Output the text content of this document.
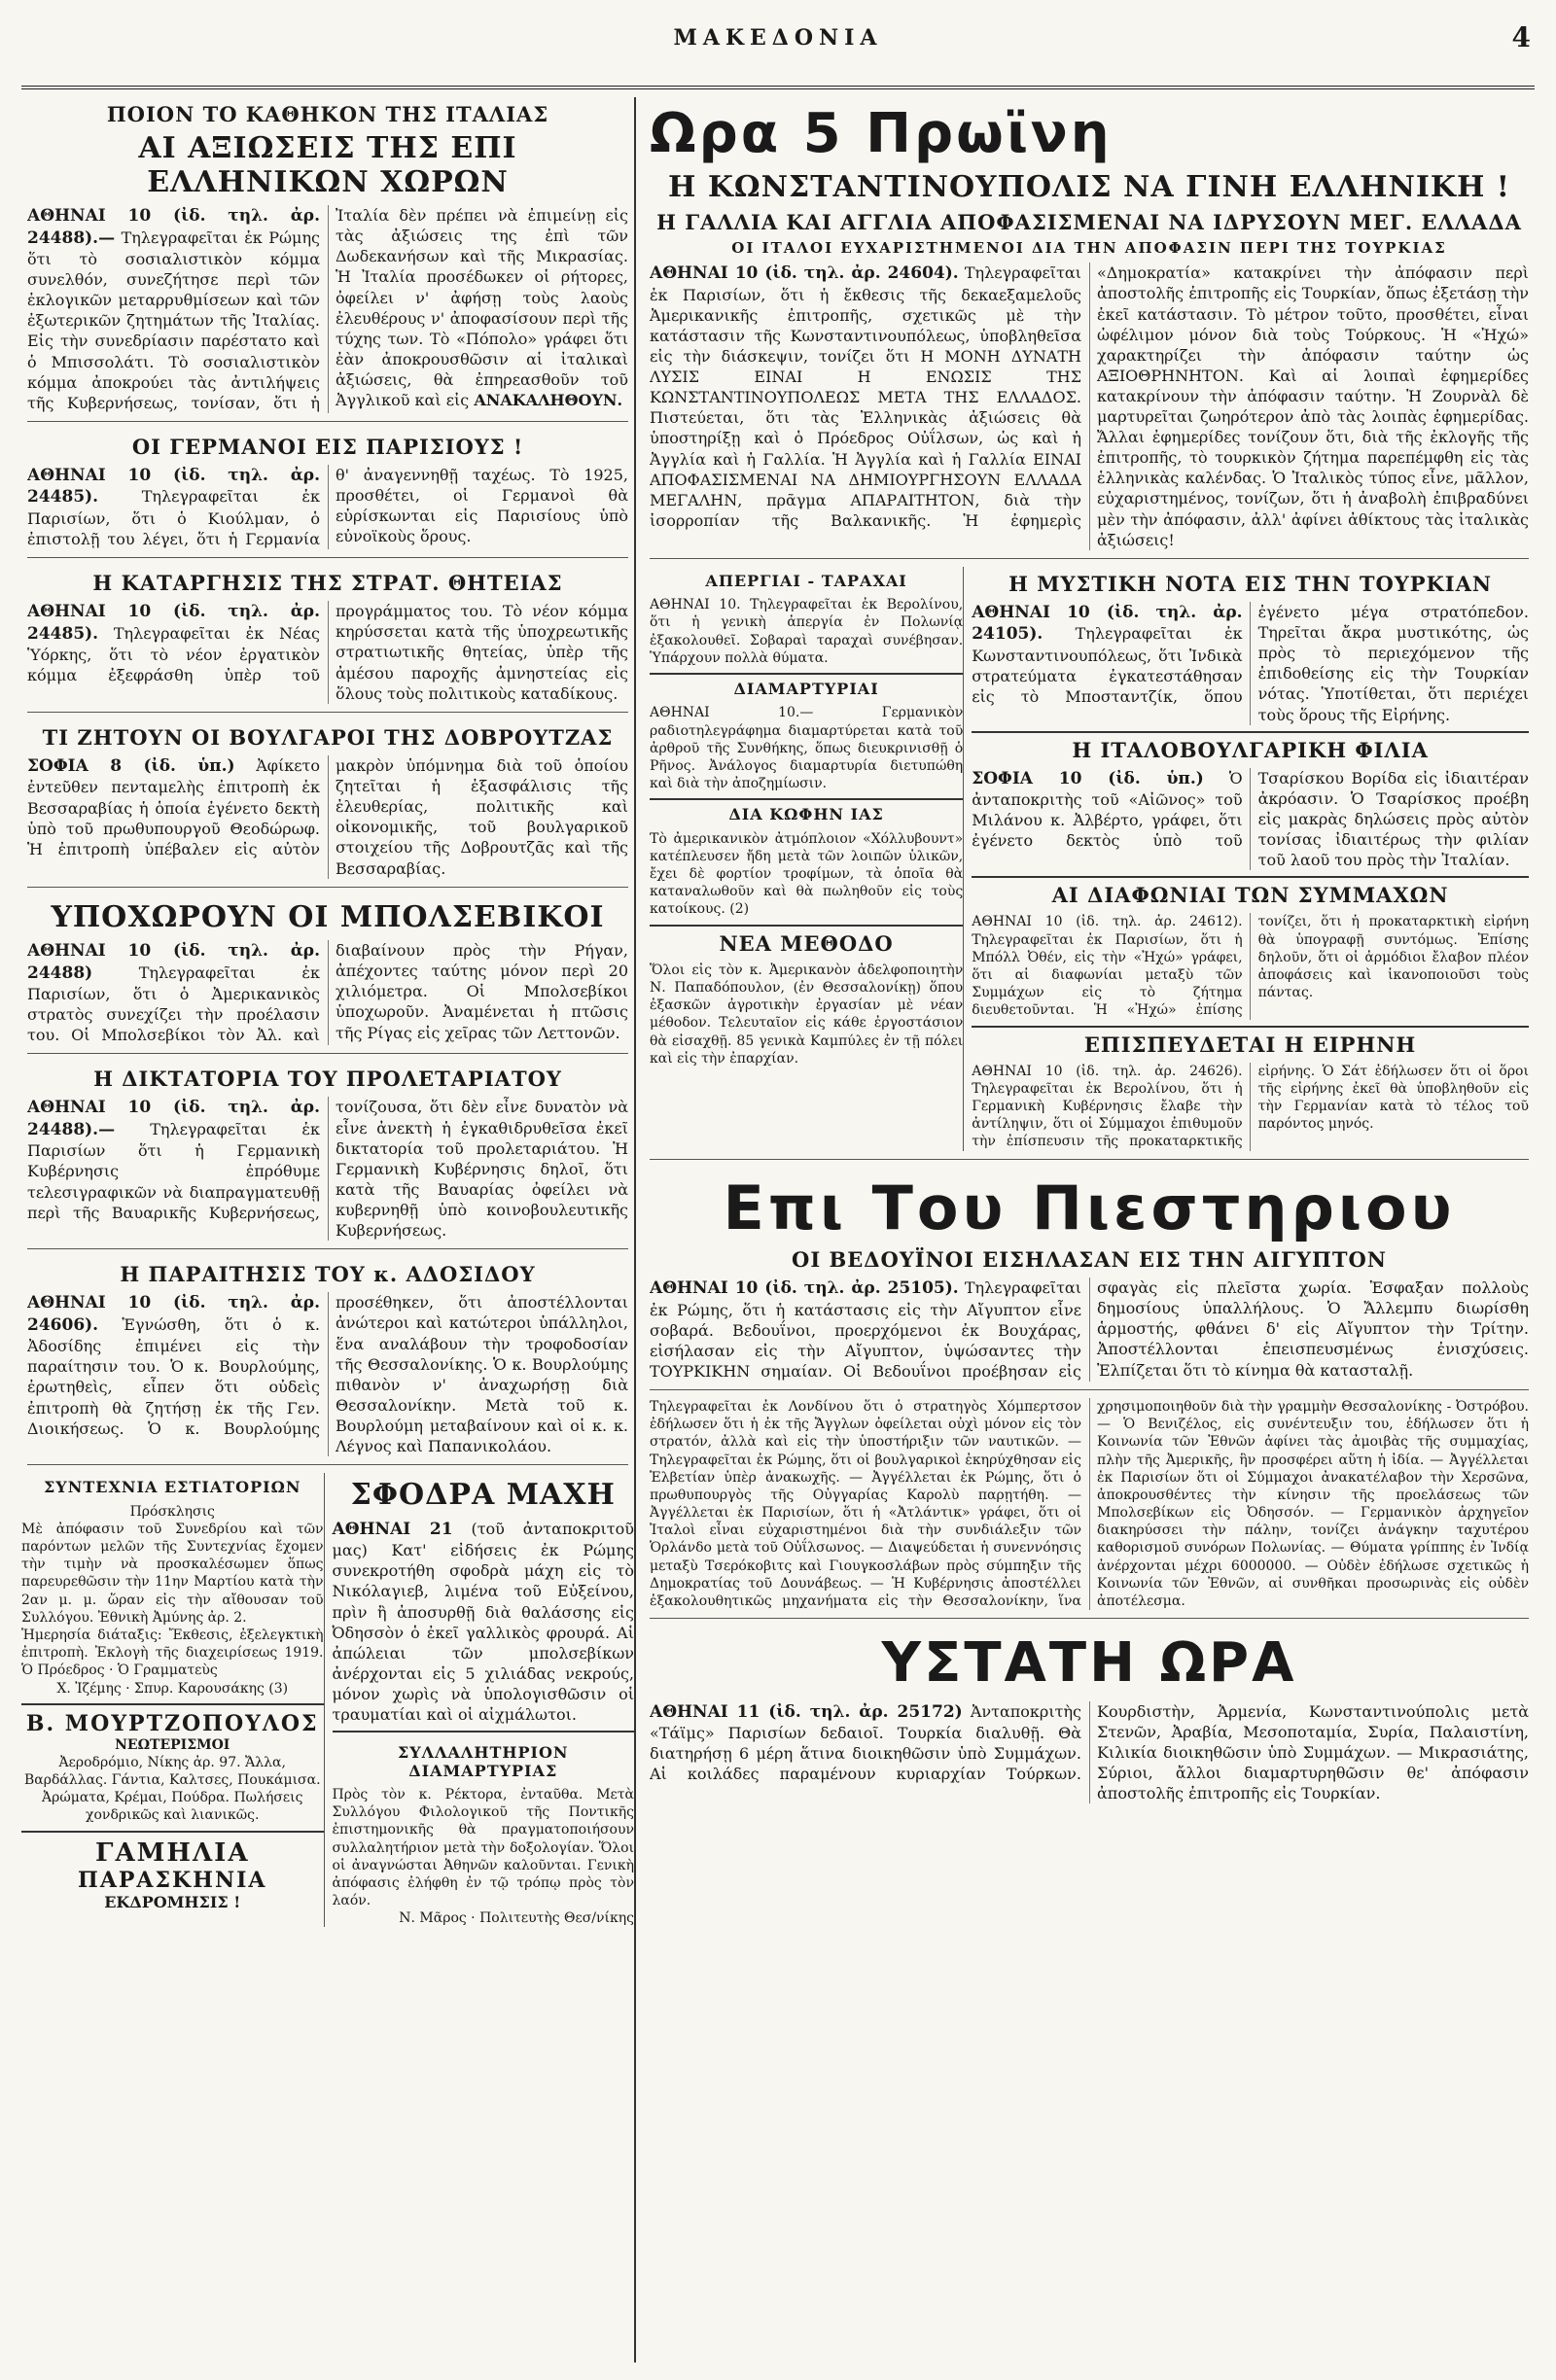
ΜΑΚΕΔΟΝΙΑ	4
ΠΟΙΟΝ ΤΟ ΚΑΘΗΚΟΝ ΤΗΣ ΙΤΑΛΙΑΣ
ΑΙ ΑΞΙΩΣΕΙΣ ΤΗΣ ΕΠΙ ΕΛΛΗΝΙΚΩΝ ΧΩΡΩΝ
ΑΘΗΝΑΙ 10 (ἰδ. τηλ. ἀρ. 24488).— Τηλεγραφεῖται ἐκ Ρώμης ὅτι τὸ σοσιαλιστικὸν κόμμα συνελθόν, συνεζήτησε περὶ τῶν ἐκλογικῶν μεταρρυθμίσεων καὶ τῶν ἐξωτερικῶν ζητημάτων τῆς Ἰταλίας. Εἰς τὴν συνεδρίασιν παρέστατο καὶ ὁ Μπισσολάτι. Τὸ σοσιαλιστικὸν κόμμα ἀποκρούει τὰς ἀντιλήψεις τῆς Κυβερνήσεως, τονίσαν, ὅτι ἡ Ἰταλία δὲν πρέπει νὰ ἐπιμείνῃ εἰς τὰς ἀξιώσεις της ἐπὶ τῶν Δωδεκανήσων καὶ τῆς Μικρασίας. Ἡ Ἰταλία προσέδωκεν οἱ ρήτορες, ὀφείλει ν' ἀφήσῃ τοὺς λαοὺς ἐλευθέρους ν' ἀποφασίσουν περὶ τῆς τύχης των. Τὸ «Πόπολο» γράφει ὅτι ἐὰν ἀποκρουσθῶσιν αἱ ἰταλικαὶ ἀξιώσεις, θὰ ἐπηρεασθοῦν τοῦ Ἀγγλικοῦ καὶ εἰς ΑΝΑΚΑΛΗΘΟΥΝ.
ΟΙ ΓΕΡΜΑΝΟΙ ΕΙΣ ΠΑΡΙΣΙΟΥΣ !
ΑΘΗΝΑΙ 10 (ἰδ. τηλ. ἀρ. 24485).	Τηλεγραφεῖται ἐκ Παρισίων, ὅτι ὁ Κιούλμαν, ὁ ἐπιστολῇ του λέγει, ὅτι ἡ Γερμανία θ' ἀναγεννηθῇ ταχέως. Τὸ 1925, προσθέτει, οἱ Γερμανοὶ θὰ εὑρίσκωνται εἰς Παρισίους ὑπὸ εὐνοϊκοὺς ὅρους.
Η ΚΑΤΑΡΓΗΣΙΣ ΤΗΣ ΣΤΡΑΤ. ΘΗΤΕΙΑΣ
ΑΘΗΝΑΙ 10 (ἰδ. τηλ. ἀρ. 24485). Τηλεγραφεῖται ἐκ Νέας Ὑόρκης, ὅτι τὸ νέον ἐργατικὸν κόμμα ἐξεφράσθη ὑπὲρ τοῦ προγράμματος του. Τὸ νέον κόμμα κηρύσσεται κατὰ τῆς ὑποχρεωτικῆς στρατιωτικῆς θητείας, ὑπὲρ τῆς ἀμέσου παροχῆς ἀμνηστείας εἰς ὅλους τοὺς πολιτικοὺς καταδίκους.
ΤΙ ΖΗΤΟΥΝ ΟΙ ΒΟΥΛΓΑΡΟΙ ΤΗΣ ΔΟΒΡΟΥΤΖΑΣ
ΣΟΦΙΑ 8 (ἰδ. ὑπ.) Ἀφίκετο ἐντεῦθεν πενταμελὴς ἐπιτροπὴ ἐκ Βεσσαραβίας ἡ ὁποία ἐγένετο δεκτὴ ὑπὸ τοῦ πρωθυπουργοῦ Θεοδώρωφ. Ἡ ἐπιτροπὴ ὑπέβαλεν εἰς αὐτὸν μακρὸν ὑπόμνημα διὰ τοῦ ὁποίου ζητεῖται ἡ ἐξασφάλισις τῆς ἐλευθερίας, πολιτικῆς καὶ οἰκονομικῆς, τοῦ βουλγαρικοῦ στοιχείου τῆς Δοβρουτζᾶς καὶ τῆς Βεσσαραβίας.
ΥΠΟΧΩΡΟΥΝ ΟΙ ΜΠΟΛΣΕΒΙΚΟΙ
ΑΘΗΝΑΙ 10 (ἰδ. τηλ. ἀρ. 24488)	Τηλεγραφεῖται ἐκ Παρισίων, ὅτι ὁ Ἀμερικανικὸς στρατὸς συνεχίζει τὴν προέλασιν του. Οἱ Μπολσεβίκοι τὸν Ἀλ. καὶ διαβαίνουν πρὸς τὴν Ρήγαν, ἀπέχοντες ταύτης μόνον περὶ 20 χιλιόμετρα. Οἱ Μπολσεβίκοι ὑποχωροῦν. Ἀναμένεται ἡ πτῶσις τῆς Ρίγας εἰς χεῖρας τῶν Λεττονῶν.
Η ΔΙΚΤΑΤΟΡΙΑ ΤΟΥ ΠΡΟΛΕΤΑΡΙΑΤΟΥ
ΑΘΗΝΑΙ 10 (ἰδ. τηλ. ἀρ. 24488).— Τηλεγραφεῖται ἐκ Παρισίων ὅτι ἡ Γερμανικὴ Κυβέρνησις ἐπρόθυμε τελεσιγραφικῶν νὰ διαπραγματευθῇ περὶ τῆς Βαυαρικῆς Κυβερνήσεως, τονίζουσα, ὅτι δὲν εἶνε δυνατὸν νὰ εἶνε ἀνεκτὴ ἡ ἐγκαθιδρυθεῖσα ἐκεῖ δικτατορία τοῦ προλεταριάτου. Ἡ Γερμανικὴ Κυβέρνησις δηλοῖ, ὅτι κατὰ τῆς Βαυαρίας ὀφείλει νὰ κυβερνηθῇ ὑπὸ κοινοβουλευτικῆς Κυβερνήσεως.
Η ΠΑΡΑΙΤΗΣΙΣ ΤΟΥ κ. ΑΔΟΣΙΔΟΥ
ΑΘΗΝΑΙ 10 (ἰδ. τηλ. ἀρ. 24606). Ἐγνώσθη, ὅτι ὁ κ. Ἀδοσίδης ἐπιμένει εἰς τὴν παραίτησιν του. Ὁ κ. Βουρλούμης, ἐρωτηθεὶς, εἶπεν ὅτι οὐδεὶς ἐπιτροπὴ θὰ ζητήσῃ ἐκ τῆς Γεν. Διοικήσεως. Ὁ κ. Βουρλούμης προσέθηκεν, ὅτι ἀποστέλλονται ἀνώτεροι καὶ κατώτεροι ὑπάλληλοι, ἕνα αναλάβουν τὴν τροφοδοσίαν τῆς Θεσσαλονίκης. Ὁ κ. Βουρλούμης πιθανὸν ν' ἀναχωρήσῃ διὰ Θεσσαλονίκην. Μετὰ τοῦ κ. Βουρλούμη μεταβαίνουν καὶ οἱ κ. κ. Λέγνος καὶ Παπανικολάου.
ΣΥΝΤΕΧΝΙΑ ΕΣΤΙΑΤΟΡΙΩΝ
Πρόσκλησις
Μὲ ἀπόφασιν τοῦ Συνεδρίου καὶ τῶν παρόντων μελῶν τῆς Συντεχνίας ἔχομεν τὴν τιμὴν νὰ προσκαλέσωμεν ὅπως παρευρεθῶσιν τὴν 11ην Μαρτίου κατὰ τὴν 2αν μ. μ. ὥραν εἰς τὴν αἴθουσαν τοῦ Συλλόγου. Ἐθνικὴ Ἀμύνης ἀρ. 2.
Ἡμερησία διάταξις: Ἔκθεσις, ἐξελεγκτικὴ ἐπιτροπὴ. Ἐκλογὴ τῆς διαχειρίσεως 1919. Ὁ Πρόεδρος · Ὁ Γραμματεὺς
Χ. Ἰζέμης · Σπυρ. Καρουσάκης (3)
Β. ΜΟΥΡΤΖΟΠΟΥΛΟΣ
ΝΕΩΤΕΡΙΣΜΟΙ
Ἀεροδρόμιο, Νίκης ἀρ. 97. Ἄλλα, Βαρδάλλας. Γάντια, Καλτσες, Πουκάμισα. Ἀρώματα, Κρέμαι, Πούδρα. Πωλήσεις χονδρικῶς καὶ λιανικῶς.
ΓΑΜΗΛΙΑ
ΠΑΡΑΣΚΗΝΙΑ
ΕΚΔΡΟΜΗΣΙΣ !
ΣΦΟΔΡΑ ΜΑΧΗ
ΑΘΗΝΑΙ 21 (τοῦ ἀνταποκριτοῦ μας) Κατ' εἰδήσεις ἐκ Ρώμης συνεκροτήθη σφοδρὰ μάχη εἰς τὸ Νικόλαγιεβ, λιμένα τοῦ Εὐξείνου, πρὶν ἢ ἀποσυρθῇ διὰ θαλάσσης εἰς Ὀδησσὸν ὁ ἐκεῖ γαλλικὸς φρουρά. Αἱ ἀπώλειαι τῶν μπολσεβίκων ἀνέρχονται εἰς 5 χιλιάδας νεκρούς, μόνον χωρὶς νὰ ὑπολογισθῶσιν οἱ τραυματίαι καὶ οἱ αἰχμάλωτοι.
ΣΥΛΛΑΛΗΤΗΡΙΟΝ ΔΙΑΜΑΡΤΥΡΙΑΣ
Πρὸς τὸν κ. Ρέκτορα, ἐνταῦθα. Μετὰ Συλλόγου Φιλολογικοῦ τῆς Ποντικῆς ἐπιστημονικῆς θὰ πραγματοποιήσουν συλλαλητήριον μετὰ τὴν δοξολογίαν. Ὅλοι οἱ ἀναγνώσται Ἀθηνῶν καλοῦνται. Γενικὴ ἀπόφασις ἐλήφθη ἐν τῷ τρόπῳ πρὸς τὸν λαόν.
Ν. Μᾶρος · Πολιτευτὴς Θεσ/νίκης
Ωρα 5 Πρωϊνη
Η ΚΩΝΣΤΑΝΤΙΝΟΥΠΟΛΙΣ ΝΑ ΓΙΝΗ ΕΛΛΗΝΙΚΗ !
Η ΓΑΛΛΙΑ ΚΑΙ ΑΓΓΛΙΑ ΑΠΟΦΑΣΙΣΜΕΝΑΙ ΝΑ ΙΔΡΥΣΟΥΝ ΜΕΓ. ΕΛΛΑΔΑ
ΟΙ ΙΤΑΛΟΙ ΕΥΧΑΡΙΣΤΗΜΕΝΟΙ ΔΙΑ ΤΗΝ ΑΠΟΦΑΣΙΝ ΠΕΡΙ ΤΗΣ ΤΟΥΡΚΙΑΣ
ΑΘΗΝΑΙ 10 (ἰδ. τηλ. ἀρ. 24604). Τηλεγραφεῖται ἐκ Παρισίων, ὅτι ἡ ἔκθεσις τῆς δεκαεξαμελοῦς Ἀμερικανικῆς ἐπιτροπῆς, σχετικῶς μὲ τὴν κατάστασιν τῆς Κωνσταντινουπόλεως, ὑποβληθεῖσα εἰς τὴν διάσκεψιν, τονίζει ὅτι Η ΜΟΝΗ ΔΥΝΑΤΗ ΛΥΣΙΣ ΕΙΝΑΙ Η ΕΝΩΣΙΣ ΤΗΣ ΚΩΝΣΤΑΝΤΙΝΟΥΠΟΛΕΩΣ ΜΕΤΑ ΤΗΣ ΕΛΛΑΔΟΣ. Πιστεύεται, ὅτι τὰς Ἑλληνικὰς ἀξιώσεις θὰ ὑποστηρίξῃ καὶ ὁ Πρόεδρος Οὐΐλσων, ὡς καὶ ἡ Ἀγγλία καὶ ἡ Γαλλία. Ἡ Ἀγγλία καὶ ἡ Γαλλία ΕΙΝΑΙ ΑΠΟΦΑΣΙΣΜΕΝΑΙ ΝΑ ΔΗΜΙΟΥΡΓΗΣΟΥΝ ΕΛΛΑΔΑ ΜΕΓΑΛΗΝ, πρᾶγμα ΑΠΑΡΑΙΤΗΤΟΝ, διὰ τὴν ἰσορροπίαν τῆς Βαλκανικῆς. Ἡ ἐφημερὶς «Δημοκρατία» κατακρίνει τὴν ἀπόφασιν περὶ ἀποστολῆς ἐπιτροπῆς εἰς Τουρκίαν, ὅπως ἐξετάσῃ τὴν ἐκεῖ κατάστασιν. Τὸ μέτρον τοῦτο, προσθέτει, εἶναι ὠφέλιμον μόνον διὰ τοὺς Τούρκους. Ἡ «Ἠχώ» χαρακτηρίζει τὴν ἀπόφασιν ταύτην ὡς ΑΞΙΟΘΡΗΝΗΤΟΝ. Καὶ αἱ λοιπαὶ ἐφημερίδες κατακρίνουν τὴν ἀπόφασιν ταύτην. Ἡ Ζουρνὰλ δὲ μαρτυρεῖται ζωηρότερον ἀπὸ τὰς λοιπὰς ἐφημερίδας. Ἄλλαι ἐφημερίδες τονίζουν ὅτι, διὰ τῆς ἐκλογῆς τῆς ἐπιτροπῆς, τὸ τουρκικὸν ζήτημα παρεπέμφθη εἰς τὰς ἑλληνικὰς καλένδας. Ὁ Ἰταλικὸς τύπος εἶνε, μᾶλλον, εὐχαριστημένος, τονίζων, ὅτι ἡ ἀναβολὴ ἐπιβραδύνει μὲν τὴν ἀπόφασιν, ἀλλ' ἀφίνει ἀθίκτους τὰς ἰταλικὰς ἀξιώσεις!
ΑΠΕΡΓΙΑΙ - ΤΑΡΑΧΑΙ
ΑΘΗΝΑΙ 10. Τηλεγραφεῖται ἐκ Βερολίνου, ὅτι ἡ γενικὴ ἀπεργία ἐν Πολωνίᾳ ἐξακολουθεῖ. Σοβαραὶ ταραχαὶ συνέβησαν. Ὑπάρχουν πολλὰ θύματα.
ΔΙΑΜΑΡΤΥΡΙΑΙ
ΑΘΗΝΑΙ 10.— Γερμανικὸν ραδιοτηλεγράφημα διαμαρτύρεται κατὰ τοῦ ἀρθροῦ τῆς Συνθήκης, ὅπως διευκρινισθῇ ὁ Ρῆνος. Ἀνάλογος διαμαρτυρία διετυπώθη καὶ διὰ τὴν ἀποζημίωσιν.
ΔΙΑ ΚΩΦΗΝ ΙΑΣ
Τὸ ἀμερικανικὸν ἀτμόπλοιον «Χόλλυβουντ» κατέπλευσεν ἤδη μετὰ τῶν λοιπῶν ὑλικῶν, ἔχει δὲ φορτίον τροφίμων, τὰ ὁποῖα θὰ καταναλωθοῦν καὶ θὰ πωληθοῦν εἰς τοὺς κατοίκους. (2)
ΝΕΑ ΜΕΘΟΔΟ
Ὅλοι εἰς τὸν κ. Ἀμερικανὸν ἀδελφοποιητὴν Ν. Παπαδόπουλον, (ἐν Θεσσαλονίκῃ) ὅπου ἐξασκῶν ἀγροτικὴν ἐργασίαν μὲ νέαν μέθοδον. Τελευταῖον εἰς κάθε ἐργοστάσιον θὰ εἰσαχθῇ. 85 γενικὰ Καμπύλες ἐν τῇ πόλει καὶ εἰς τὴν ἐπαρχίαν.
Η ΜΥΣΤΙΚΗ ΝΟΤΑ ΕΙΣ ΤΗΝ ΤΟΥΡΚΙΑΝ
ΑΘΗΝΑΙ 10 (ἰδ. τηλ. ἀρ. 24105). Τηλεγραφεῖται ἐκ Κωνσταντινουπόλεως, ὅτι Ἰνδικὰ στρατεύματα ἐγκατεστάθησαν εἰς τὸ Μποσταντζίκ, ὅπου ἐγένετο μέγα στρατόπεδον. Τηρεῖται ἄκρα μυστικότης, ὡς πρὸς τὸ περιεχόμενον τῆς ἐπιδοθείσης εἰς τὴν Τουρκίαν νότας. Ὑποτίθεται, ὅτι περιέχει τοὺς ὅρους τῆς Εἰρήνης.
Η ΙΤΑΛΟΒΟΥΛΓΑΡΙΚΗ ΦΙΛΙΑ
ΣΟΦΙΑ 10 (ἰδ. ὑπ.) Ὁ ἀνταποκριτὴς τοῦ «Αἰῶνος» τοῦ Μιλάνου κ. Ἀλβέρτο, γράφει, ὅτι ἐγένετο δεκτὸς ὑπὸ τοῦ Τσαρίσκου Βορίδα εἰς ἰδιαιτέραν ἀκρόασιν. Ὁ Τσαρίσκος προέβη εἰς μακρὰς δηλώσεις πρὸς αὐτὸν τονίσας ἰδιαιτέρως τὴν φιλίαν τοῦ λαοῦ του πρὸς τὴν Ἰταλίαν.
ΑΙ ΔΙΑΦΩΝΙΑΙ ΤΩΝ ΣΥΜΜΑΧΩΝ
ΑΘΗΝΑΙ 10 (ἰδ. τηλ. ἀρ. 24612). Τηλεγραφεῖται ἐκ Παρισίων, ὅτι ἡ Μπόλλ Ὀθέν, εἰς τὴν «Ἠχώ» γράφει, ὅτι αἱ διαφωνίαι μεταξὺ τῶν Συμμάχων εἰς τὸ ζήτημα διευθετοῦνται. Ἡ «Ἠχώ» ἐπίσης τονίζει, ὅτι ἡ προκαταρκτικὴ εἰρήνη θὰ ὑπογραφῇ συντόμως. Ἐπίσης δηλοῦν, ὅτι οἱ ἀρμόδιοι ἔλαβον πλέον ἀποφάσεις καὶ ἱκανοποιοῦσι τοὺς πάντας.
ΕΠΙΣΠΕΥΔΕΤΑΙ Η ΕΙΡΗΝΗ
ΑΘΗΝΑΙ 10 (ἰδ. τηλ. ἀρ. 24626). Τηλεγραφεῖται ἐκ Βερολίνου, ὅτι ἡ Γερμανικὴ Κυβέρνησις ἔλαβε τὴν ἀντίληψιν, ὅτι οἱ Σύμμαχοι ἐπιθυμοῦν τὴν ἐπίσπευσιν τῆς προκαταρκτικῆς εἰρήνης. Ὁ Σάτ ἐδήλωσεν ὅτι οἱ ὅροι τῆς εἰρήνης ἐκεῖ θὰ ὑποβληθοῦν εἰς τὴν Γερμανίαν κατὰ τὸ τέλος τοῦ παρόντος μηνός.
Επι Του Πιεστηριου
ΟΙ ΒΕΔΟΥΪΝΟΙ ΕΙΣΗΛΑΣΑΝ ΕΙΣ ΤΗΝ ΑΙΓΥΠΤΟΝ
ΑΘΗΝΑΙ 10 (ἰδ. τηλ. ἀρ. 25105). Τηλεγραφεῖται ἐκ Ρώμης, ὅτι ἡ κατάστασις εἰς τὴν Αἴγυπτον εἶνε σοβαρά. Βεδουΐνοι, προερχόμενοι ἐκ Βουχάρας, εἰσήλασαν εἰς τὴν Αἴγυπτον, ὑψώσαντες τὴν ΤΟΥΡΚΙΚΗΝ σημαίαν. Οἱ Βεδουΐνοι προέβησαν εἰς σφαγὰς εἰς πλεῖστα χωρία. Ἐσφαξαν πολλοὺς δημοσίους ὑπαλλήλους. Ὁ Ἄλλεμπυ διωρίσθη ἁρμοστής, φθάνει δ' εἰς Αἴγυπτον τὴν Τρίτην. Ἀποστέλλονται ἐπεισπευσμένως ἐνισχύσεις. Ἐλπίζεται ὅτι τὸ κίνημα θὰ κατασταλῇ.
Τηλεγραφεῖται ἐκ Λονδίνου ὅτι ὁ στρατηγὸς Χόμπερτσον ἐδήλωσεν ὅτι ἡ ἐκ τῆς Ἄγγλων ὀφείλεται οὐχὶ μόνον εἰς τὸν στρατόν, ἀλλὰ καὶ εἰς τὴν ὑποστήριξιν τῶν ναυτικῶν. — Τηλεγραφεῖται ἐκ Ρώμης, ὅτι οἱ βουλγαρικοὶ ἐκηρύχθησαν εἰς Ἑλβετίαν ὑπὲρ ἀνακωχῆς. — Ἀγγέλλεται ἐκ Ρώμης, ὅτι ὁ πρωθυπουργὸς τῆς Οὐγγαρίας Καρολὺ παρῃτήθη. — Ἀγγέλλεται ἐκ Παρισίων, ὅτι ἡ «Ἀτλάντικ» γράφει, ὅτι οἱ Ἰταλοὶ εἶναι εὐχαριστημένοι διὰ τὴν συνδιάλεξιν τῶν Ὁρλάνδο μετὰ τοῦ Οὐΐλσωνος. — Διαψεύδεται ἡ συνεννόησις μεταξὺ Τσερόκοβιτς καὶ Γιουγκοσλάβων πρὸς σύμπηξιν τῆς Δημοκρατίας τοῦ Δουνάβεως. — Ἡ Κυβέρνησις ἀποστέλλει ἐξακολουθητικῶς μηχανήματα εἰς τὴν Θεσσαλονίκην, ἵνα χρησιμοποιηθοῦν διὰ τὴν γραμμὴν Θεσσαλονίκης - Ὀστρόβου. — Ὁ Βενιζέλος, εἰς συνέντευξιν του, ἐδήλωσεν ὅτι ἡ Κοινωνία τῶν Ἐθνῶν ἀφίνει τὰς ἀμοιβὰς τῆς συμμαχίας, πλὴν τῆς Ἀμερικῆς, ἣν προσφέρει αὕτη ἡ ἰδία. — Ἀγγέλλεται ἐκ Παρισίων ὅτι οἱ Σύμμαχοι ἀνακατέλαβον τὴν Χερσῶνα, ἀποκρουσθέντες τὴν κίνησιν τῆς προελάσεως τῶν Μπολσεβίκων εἰς Ὀδησσόν. — Γερμανικὸν ἀρχηγεῖον διακηρύσσει τὴν πάλην, τονίζει ἀνάγκην ταχυτέρου καθορισμοῦ συνόρων Πολωνίας. — Θύματα γρίππης ἐν Ἰνδίᾳ ἀνέρχονται μέχρι 6000000. — Οὐδὲν ἐδήλωσε σχετικῶς ἡ Κοινωνία τῶν Ἐθνῶν, αἱ συνθῆκαι προσωρινὰς εἰς οὐδὲν ἀποτέλεσμα.
ΥΣΤΑΤΗ ΩΡΑ
ΑΘΗΝΑΙ 11 (ἰδ. τηλ. ἀρ. 25172) Ἀνταποκριτὴς «Τάϊμς» Παρισίων δεδαιοῖ. Τουρκία διαλυθῇ. Θὰ διατηρήσῃ 6 μέρη ἅτινα διοικηθῶσιν ὑπὸ Συμμάχων. Αἱ κοιλάδες παραμένουν κυριαρχίαν Τούρκων. Κουρδιστὴν, Ἀρμενία, Κωνσταντινούπολις μετὰ Στενῶν, Ἀραβία, Μεσοποταμία, Συρία, Παλαιστίνη, Κιλικία διοικηθῶσιν ὑπὸ Συμμάχων. — Μικρασιάτης, Σύριοι, ἄλλοι διαμαρτυρηθῶσιν θε' ἀπόφασιν ἀποστολῆς ἐπιτροπῆς εἰς Τουρκίαν.
